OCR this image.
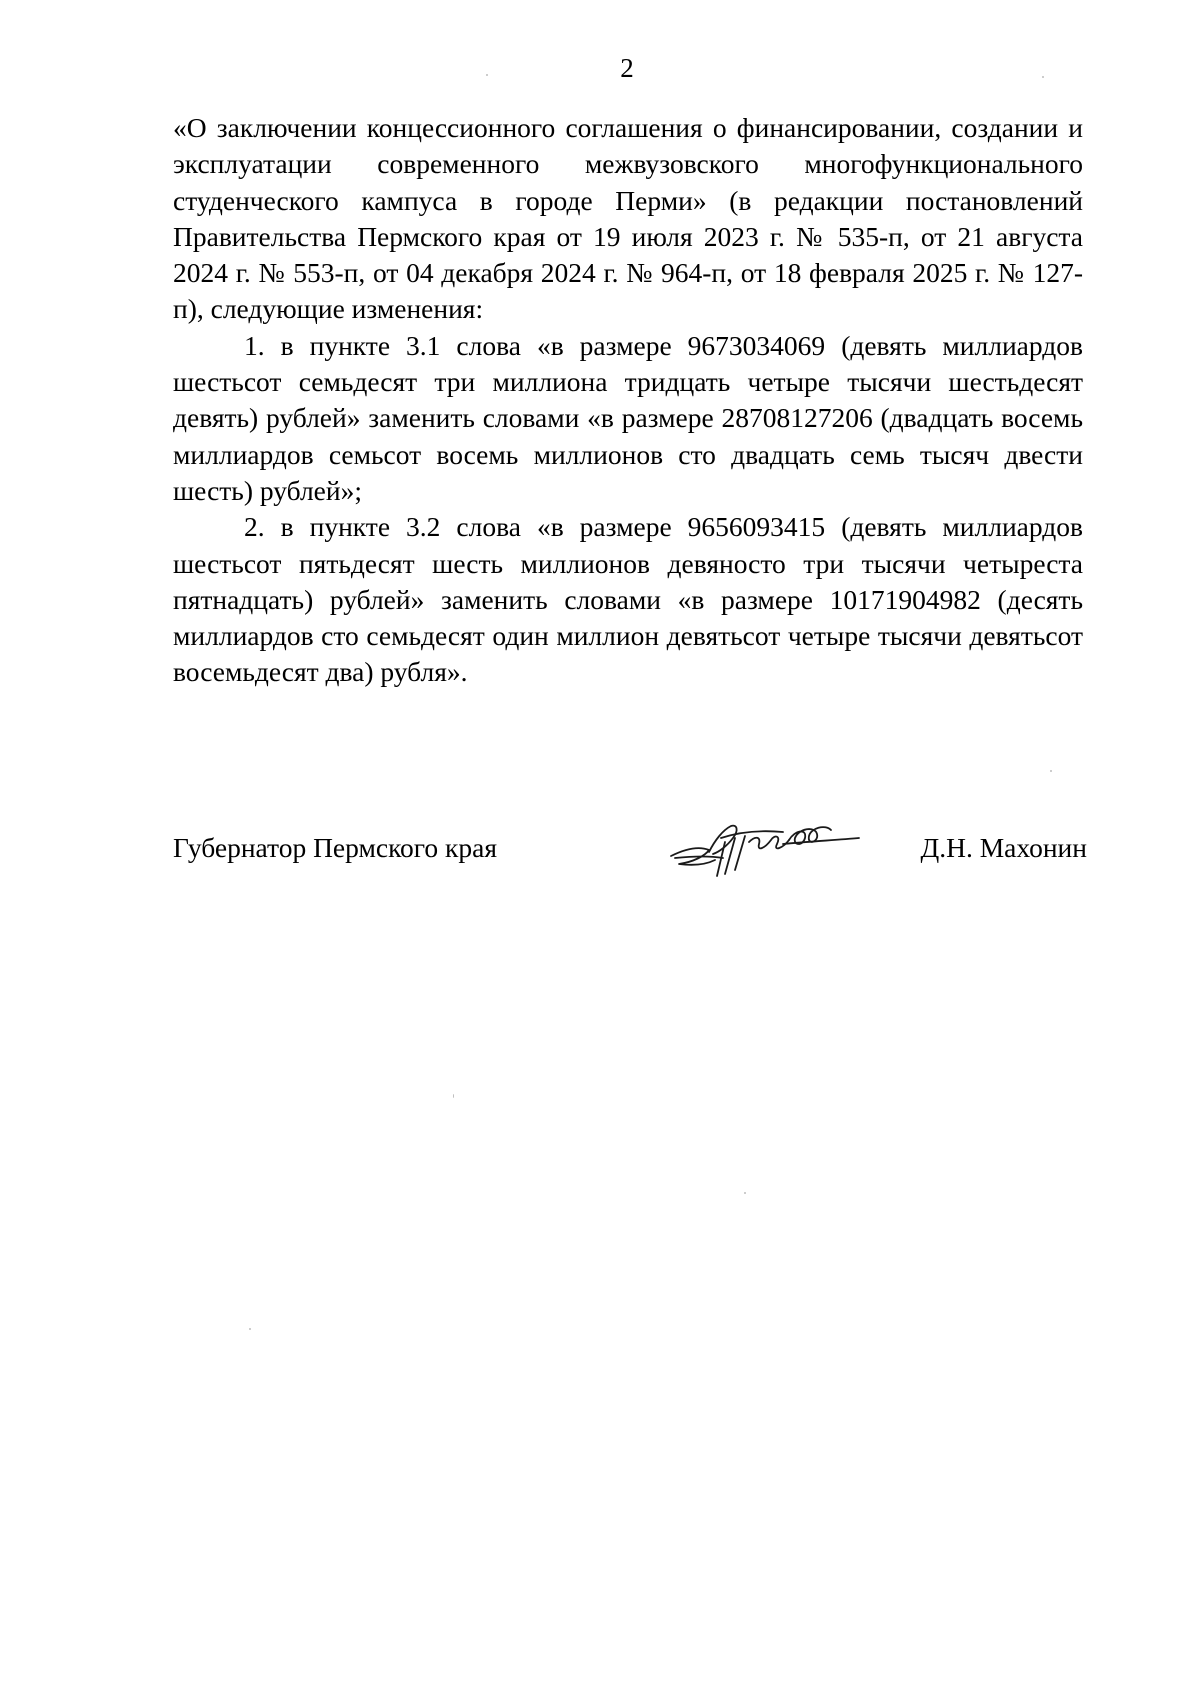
2

«О заключении концессионного соглашения о финансировании, создании и эксплуатации современного межвузовского многофункционального студенческого кампуса в городе Перми» (в редакции постановлений Правительства Пермского края от 19 июля 2023 г. № 535-п, от 21 августа 2024 г. № 553-п, от 04 декабря 2024 г. № 964-п, от 18 февраля 2025 г. № 127-п), следующие изменения:

1. в пункте 3.1 слова «в размере 9673034069 (девять миллиардов шестьсот семьдесят три миллиона тридцать четыре тысячи шестьдесят девять) рублей» заменить словами «в размере 28708127206 (двадцать восемь миллиардов семьсот восемь миллионов сто двадцать семь тысяч двести шесть) рублей»;

2. в пункте 3.2 слова «в размере 9656093415 (девять миллиардов шестьсот пятьдесят шесть миллионов девяносто три тысячи четыреста пятнадцать) рублей» заменить словами «в размере 10171904982 (десять миллиардов сто семьдесят один миллион девятьсот четыре тысячи девятьсот восемьдесят два) рубля».

Губернатор Пермского края	Д.Н. Махонин
